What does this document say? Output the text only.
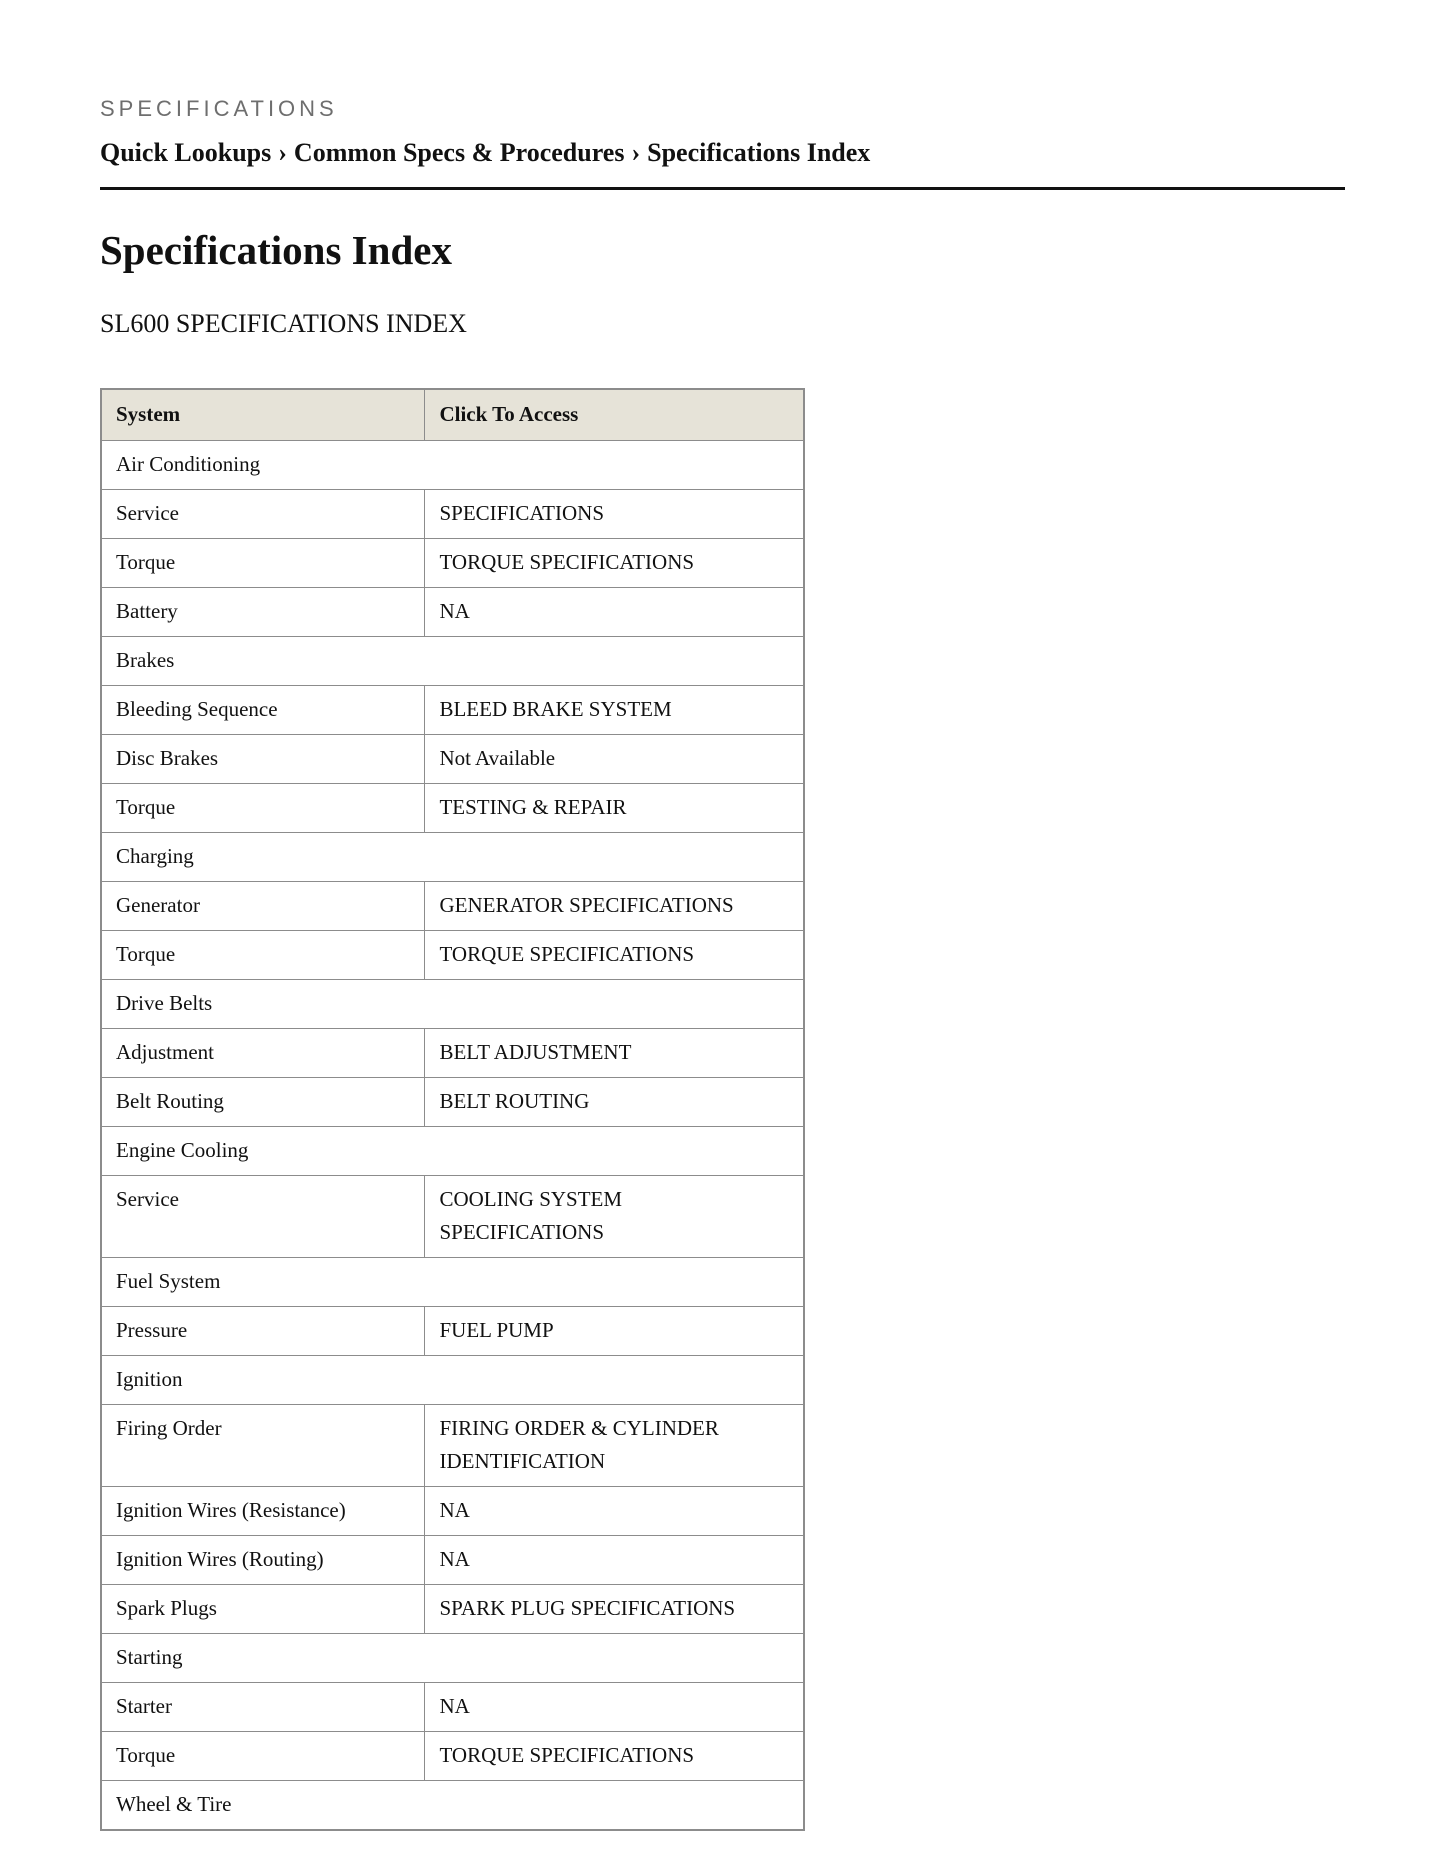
SPECIFICATIONS
Quick Lookups › Common Specs & Procedures › Specifications Index
Specifications Index
SL600 SPECIFICATIONS INDEX
System	Click To Access
Air Conditioning	
Service	SPECIFICATIONS
Torque	TORQUE SPECIFICATIONS
Battery	NA
Brakes	
Bleeding Sequence	BLEED BRAKE SYSTEM
Disc Brakes	Not Available
Torque	TESTING & REPAIR
Charging	
Generator	GENERATOR SPECIFICATIONS
Torque	TORQUE SPECIFICATIONS
Drive Belts	
Adjustment	BELT ADJUSTMENT
Belt Routing	BELT ROUTING
Engine Cooling	
Service	COOLING SYSTEM SPECIFICATIONS
Fuel System	
Pressure	FUEL PUMP
Ignition	
Firing Order	FIRING ORDER & CYLINDER IDENTIFICATION
Ignition Wires (Resistance)	NA
Ignition Wires (Routing)	NA
Spark Plugs	SPARK PLUG SPECIFICATIONS
Starting	
Starter	NA
Torque	TORQUE SPECIFICATIONS
Wheel & Tire	
